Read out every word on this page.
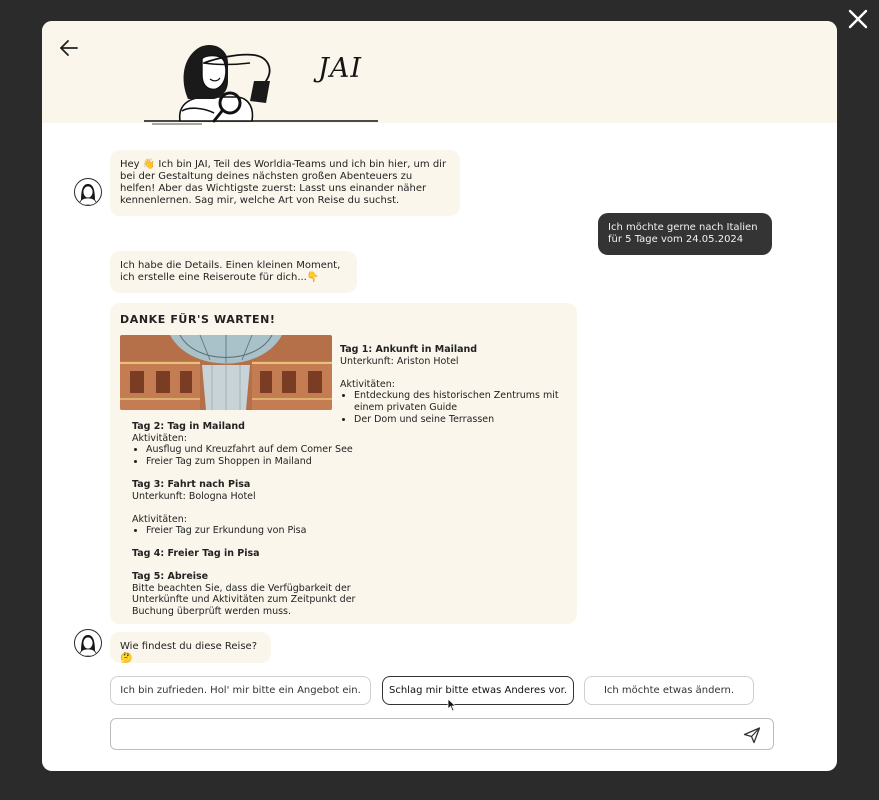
JAI
Hey 👋 Ich bin JAI, Teil des Worldia-Teams und ich bin hier, um dir bei der Gestaltung deines nächsten großen Abenteuers zu helfen! Aber das Wichtigste zuerst: Lasst uns einander näher kennenlernen. Sag mir, welche Art von Reise du suchst.
Ich möchte gerne nach Italien für 5 Tage vom 24.05.2024
Ich habe die Details. Einen kleinen Moment, ich erstelle eine Reiseroute für dich...👇
DANKE FÜR'S WARTEN!
Tag 1: Ankunft in Mailand
Unterkunft: Ariston Hotel

Aktivitäten:
• Entdeckung des historischen Zentrums mit einem privaten Guide
• Der Dom und seine Terrassen
Tag 2: Tag in Mailand
Aktivitäten:
• Ausflug und Kreuzfahrt auf dem Comer See
• Freier Tag zum Shoppen in Mailand
Tag 3: Fahrt nach Pisa
Unterkunft: Bologna Hotel

Aktivitäten:
• Freier Tag zur Erkundung von Pisa
Tag 4: Freier Tag in Pisa
Tag 5: Abreise
Bitte beachten Sie, dass die Verfügbarkeit der Unterkünfte und Aktivitäten zum Zeitpunkt der Buchung überprüft werden muss.
Wie findest du diese Reise? 🤔
Ich bin zufrieden. Hol' mir bitte ein Angebot ein.	Schlag mir bitte etwas Anderes vor.	Ich möchte etwas ändern.
